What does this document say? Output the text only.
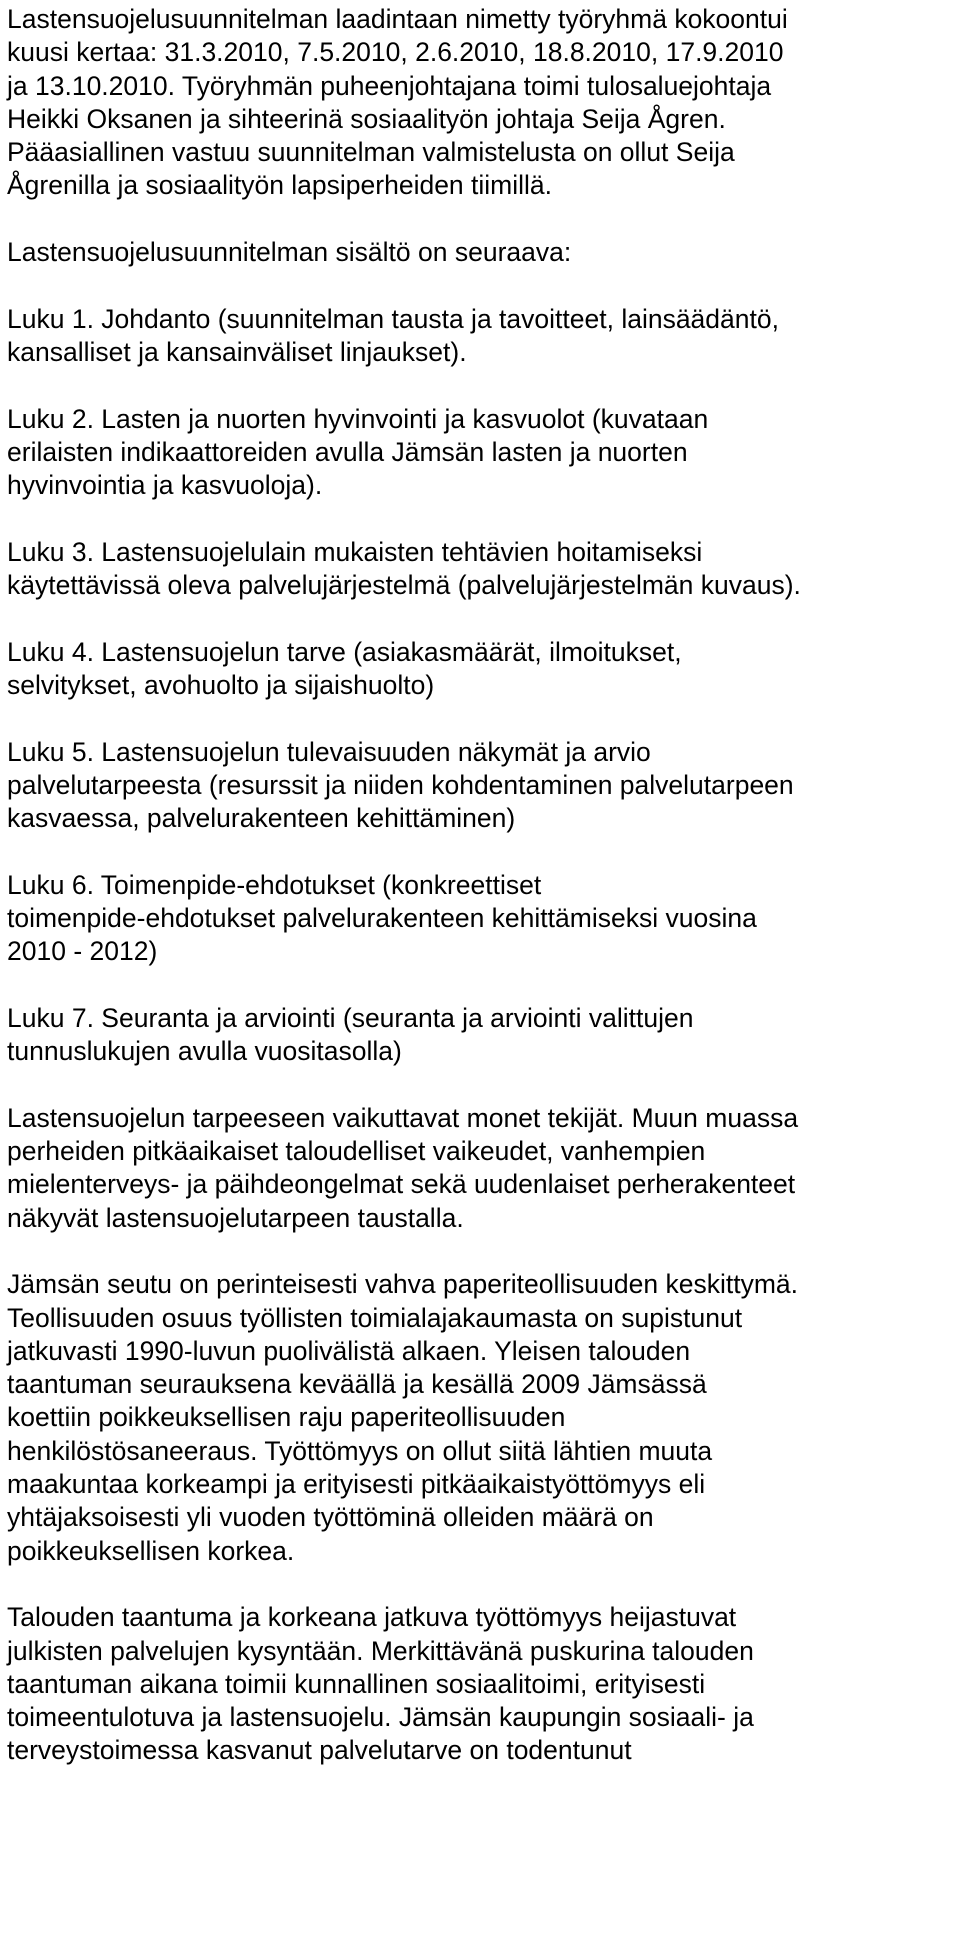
Lastensuojelusuunnitelman laadintaan nimetty työryhmä kokoontui
kuusi kertaa: 31.3.2010, 7.5.2010, 2.6.2010, 18.8.2010, 17.9.2010
ja 13.10.2010. Työryhmän puheenjohtajana toimi tulosaluejohtaja
Heikki Oksanen ja sihteerinä sosiaalityön johtaja Seija Ågren.
Pääasiallinen vastuu suunnitelman valmistelusta on ollut Seija
Ågrenilla ja sosiaalityön lapsiperheiden tiimillä.
Lastensuojelusuunnitelman sisältö on seuraava:
Luku 1. Johdanto (suunnitelman tausta ja tavoitteet, lainsäädäntö,
kansalliset ja kansainväliset linjaukset).
Luku 2. Lasten ja nuorten hyvinvointi ja kasvuolot (kuvataan
erilaisten indikaattoreiden avulla Jämsän lasten ja nuorten
hyvinvointia ja kasvuoloja).
Luku 3. Lastensuojelulain mukaisten tehtävien hoitamiseksi
käytettävissä oleva palvelujärjestelmä (palvelujärjestelmän kuvaus).
Luku 4. Lastensuojelun tarve (asiakasmäärät, ilmoitukset,
selvitykset, avohuolto ja sijaishuolto)
Luku 5. Lastensuojelun tulevaisuuden näkymät ja arvio
palvelutarpeesta (resurssit ja niiden kohdentaminen palvelutarpeen
kasvaessa, palvelurakenteen kehittäminen)
Luku 6. Toimenpide-ehdotukset (konkreettiset
toimenpide-ehdotukset palvelurakenteen kehittämiseksi vuosina
2010 - 2012)
Luku 7. Seuranta ja arviointi (seuranta ja arviointi valittujen
tunnuslukujen avulla vuositasolla)
Lastensuojelun tarpeeseen vaikuttavat monet tekijät. Muun muassa
perheiden pitkäaikaiset taloudelliset vaikeudet, vanhempien
mielenterveys- ja päihdeongelmat sekä uudenlaiset perherakenteet
näkyvät lastensuojelutarpeen taustalla.
Jämsän seutu on perinteisesti vahva paperiteollisuuden keskittymä.
Teollisuuden osuus työllisten toimialajakaumasta on supistunut
jatkuvasti 1990-luvun puolivälistä alkaen. Yleisen talouden
taantuman seurauksena keväällä ja kesällä 2009 Jämsässä
koettiin poikkeuksellisen raju paperiteollisuuden
henkilöstösaneeraus. Työttömyys on ollut siitä lähtien muuta
maakuntaa korkeampi ja erityisesti pitkäaikaistyöttömyys eli
yhtäjaksoisesti yli vuoden työttöminä olleiden määrä on
poikkeuksellisen korkea.
Talouden taantuma ja korkeana jatkuva työttömyys heijastuvat
julkisten palvelujen kysyntään. Merkittävänä puskurina talouden
taantuman aikana toimii kunnallinen sosiaalitoimi, erityisesti
toimeentulotuva ja lastensuojelu. Jämsän kaupungin sosiaali- ja
terveystoimessa kasvanut palvelutarve on todentunut
